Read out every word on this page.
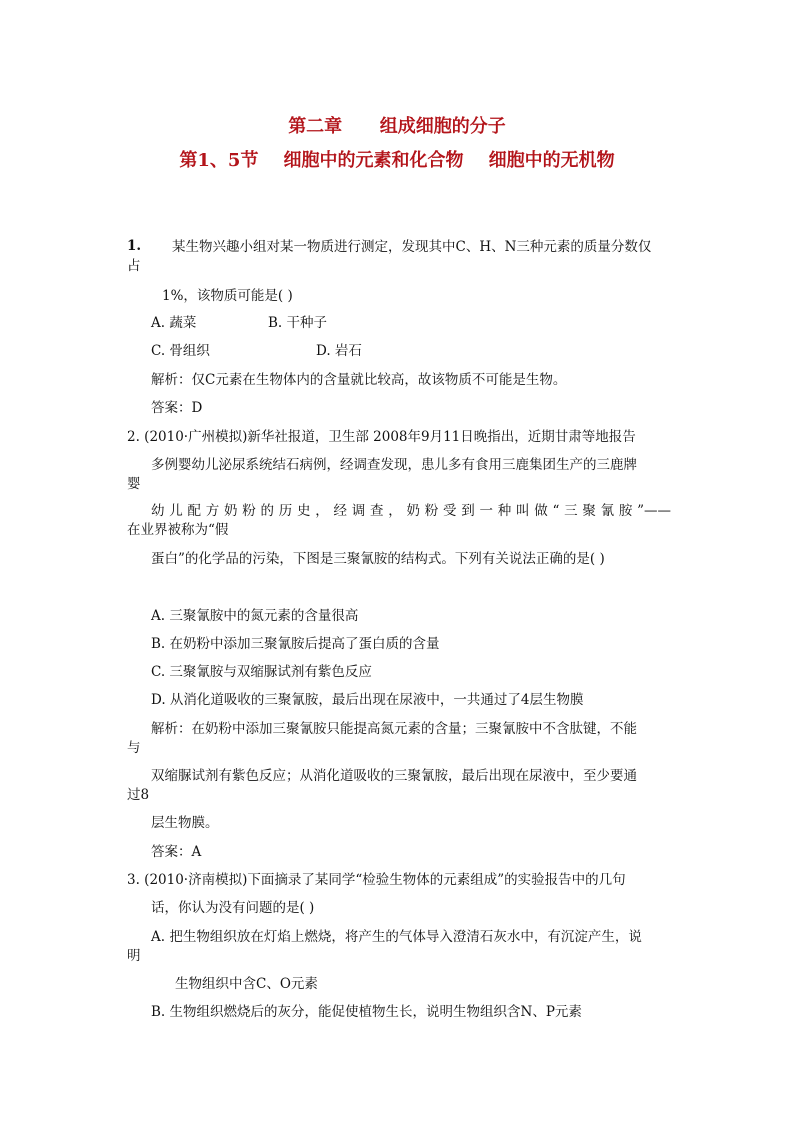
第二章      组成细胞的分子
第1、5节    细胞中的元素和化合物    细胞中的无机物
1. 某生物兴趣小组对某一物质进行测定，发现其中C、H、N三种元素的质量分数仅

占

1%，该物质可能是( )

A. 蔬菜	B. 干种子

C. 骨组织	D. 岩石

解析：仅C元素在生物体内的含量就比较高，故该物质不可能是生物。

答案：D

2. (2010·广州模拟)新华社报道，卫生部 2008年9月11日晚指出，近期甘肃等地报告

多例婴幼儿泌尿系统结石病例，经调查发现，患儿多有食用三鹿集团生产的三鹿牌

婴

幼儿配方奶粉的历史，经调查，奶粉受到一种叫做“三聚氰胺”——

在业界被称为“假

蛋白”的化学品的污染，下图是三聚氰胺的结构式。下列有关说法正确的是( )

A. 三聚氰胺中的氮元素的含量很高

B. 在奶粉中添加三聚氰胺后提高了蛋白质的含量

C. 三聚氰胺与双缩脲试剂有紫色反应

D. 从消化道吸收的三聚氰胺，最后出现在尿液中，一共通过了4层生物膜

解析：在奶粉中添加三聚氰胺只能提高氮元素的含量；三聚氰胺中不含肽键，不能

与

双缩脲试剂有紫色反应；从消化道吸收的三聚氰胺，最后出现在尿液中，至少要通

过8

层生物膜。

答案：A

3. (2010·济南模拟)下面摘录了某同学“检验生物体的元素组成”的实验报告中的几句

话，你认为没有问题的是( )

A. 把生物组织放在灯焰上燃烧，将产生的气体导入澄清石灰水中，有沉淀产生，说

明

生物组织中含C、O元素

B. 生物组织燃烧后的灰分，能促使植物生长，说明生物组织含N、P元素
